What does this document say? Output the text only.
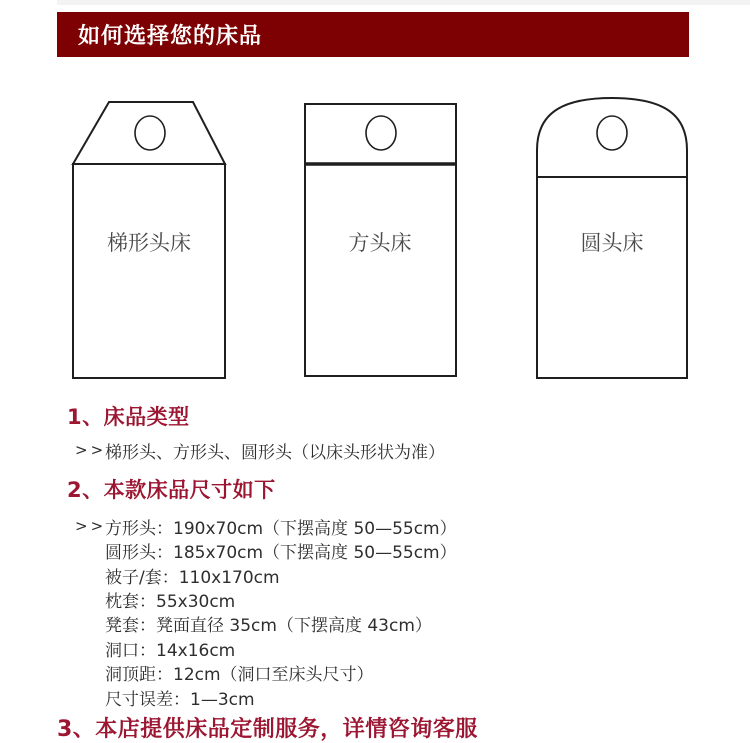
如何选择您的床品
梯形头床	方头床	圆头床
1、床品类型
>>
梯形头、方形头、圆形头（以床头形状为准）
2、本款床品尺寸如下
>>
方形头：190x70cm（下摆高度 50—55cm）
圆形头：185x70cm（下摆高度 50—55cm）
被子/套：110x170cm
枕套：55x30cm
凳套：凳面直径 35cm（下摆高度 43cm）
洞口：14x16cm
洞顶距：12cm（洞口至床头尺寸）
尺寸误差：1—3cm
3、本店提供床品定制服务，详情咨询客服
